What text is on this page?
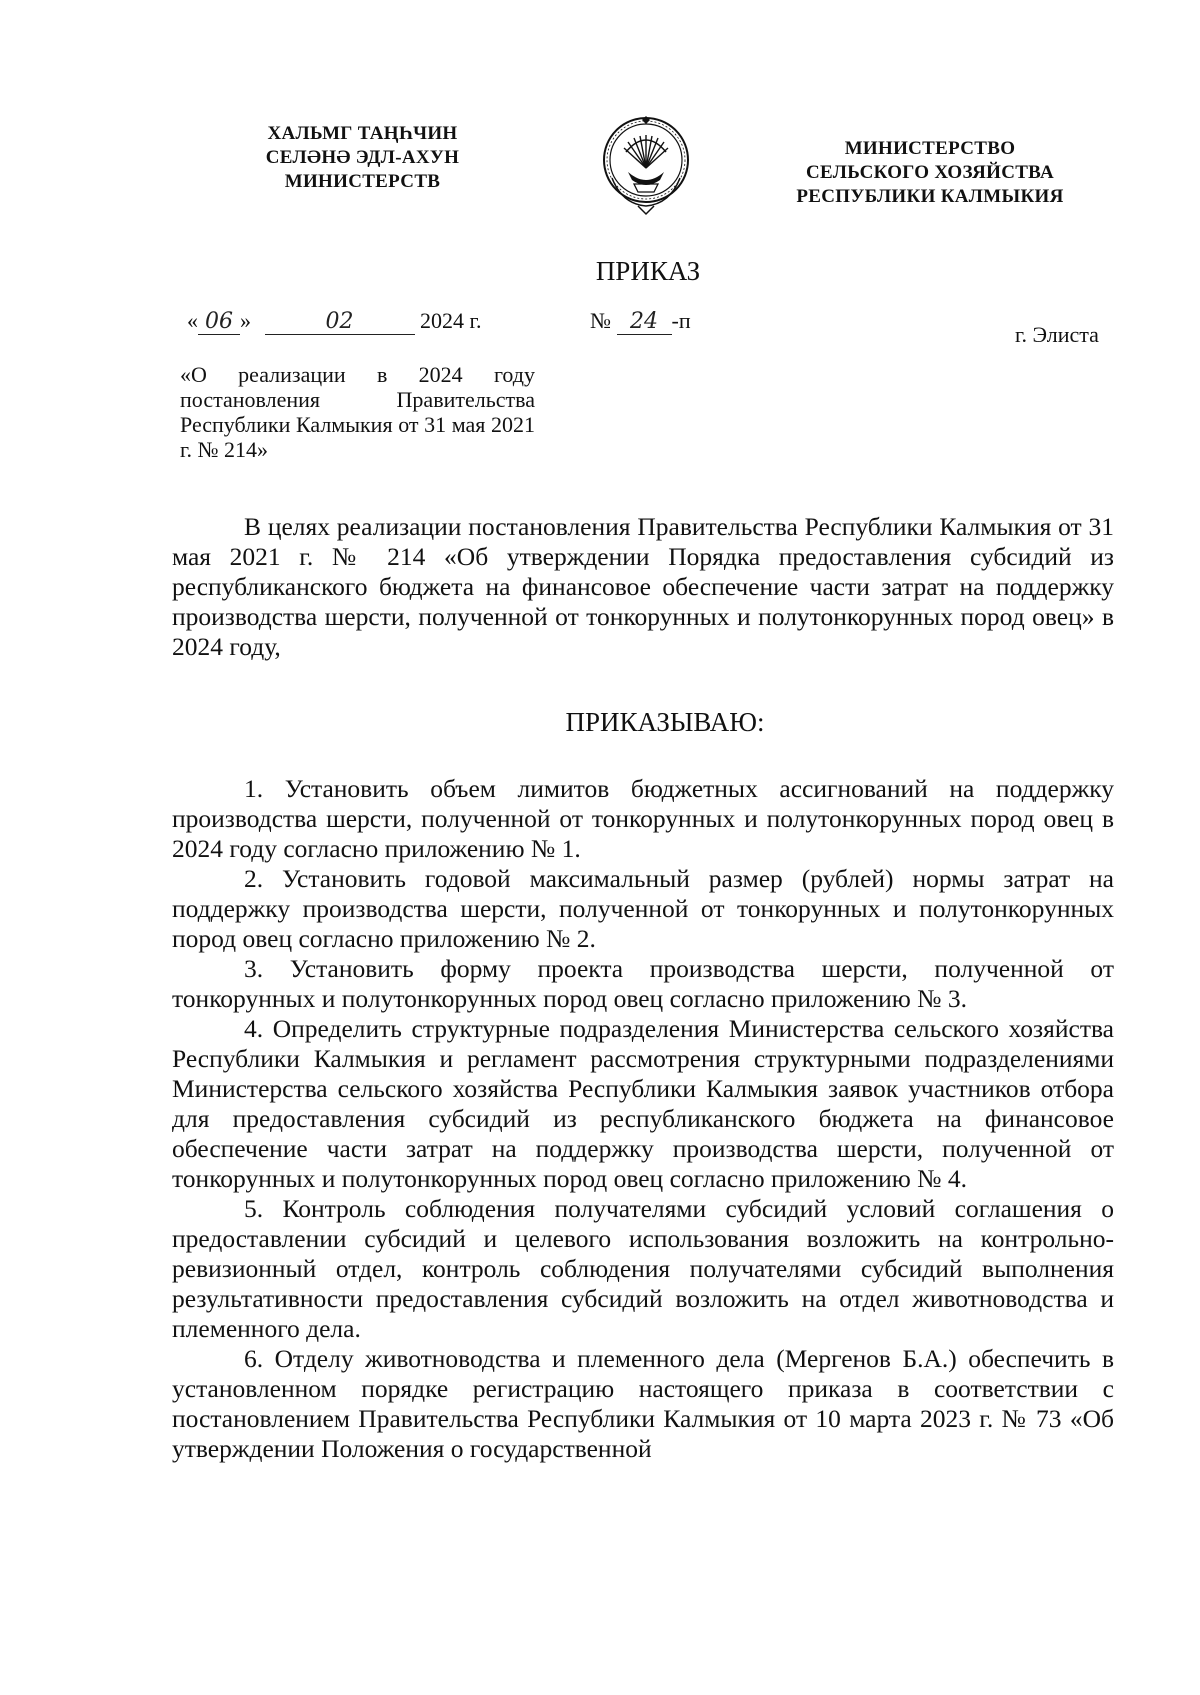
ХАЛЬМГ ТАҢҺЧИН
СЕЛӘНӘ ЭДЛ-АХУН
МИНИСТЕРСТВ
МИНИСТЕРСТВО
СЕЛЬСКОГО ХОЗЯЙСТВА
РЕСПУБЛИКИ КАЛМЫКИЯ
ПРИКАЗ
« 06 »	02	2024 г.	№ 24 -п
г. Элиста
«О реализации в 2024 году постановления Правительства Республики Калмыкия от 31 мая 2021 г. № 214»

В целях реализации постановления Правительства Республики Калмыкия от 31 мая 2021 г. № 214 «Об утверждении Порядка предоставления субсидий из республиканского бюджета на финансовое обеспечение части затрат на поддержку производства шерсти, полученной от тонкорунных и полутонкорунных пород овец» в 2024 году,

ПРИКАЗЫВАЮ:

1. Установить объем лимитов бюджетных ассигнований на поддержку производства шерсти, полученной от тонкорунных и полутонкорунных пород овец в 2024 году согласно приложению № 1.

2. Установить годовой максимальный размер (рублей) нормы затрат на поддержку производства шерсти, полученной от тонкорунных и полутонкорунных пород овец согласно приложению № 2.

3. Установить форму проекта производства шерсти, полученной от тонкорунных и полутонкорунных пород овец согласно приложению № 3.

4. Определить структурные подразделения Министерства сельского хозяйства Республики Калмыкия и регламент рассмотрения структурными подразделениями Министерства сельского хозяйства Республики Калмыкия заявок участников отбора для предоставления субсидий из республиканского бюджета на финансовое обеспечение части затрат на поддержку производства шерсти, полученной от тонкорунных и полутонкорунных пород овец согласно приложению № 4.

5. Контроль соблюдения получателями субсидий условий соглашения о предоставлении субсидий и целевого использования возложить на контрольно-ревизионный отдел, контроль соблюдения получателями субсидий выполнения результативности предоставления субсидий возложить на отдел животноводства и племенного дела.

6. Отделу животноводства и племенного дела (Мергенов Б.А.) обеспечить в установленном порядке регистрацию настоящего приказа в соответствии с постановлением Правительства Республики Калмыкия от 10 марта 2023 г. № 73 «Об утверждении Положения о государственной
